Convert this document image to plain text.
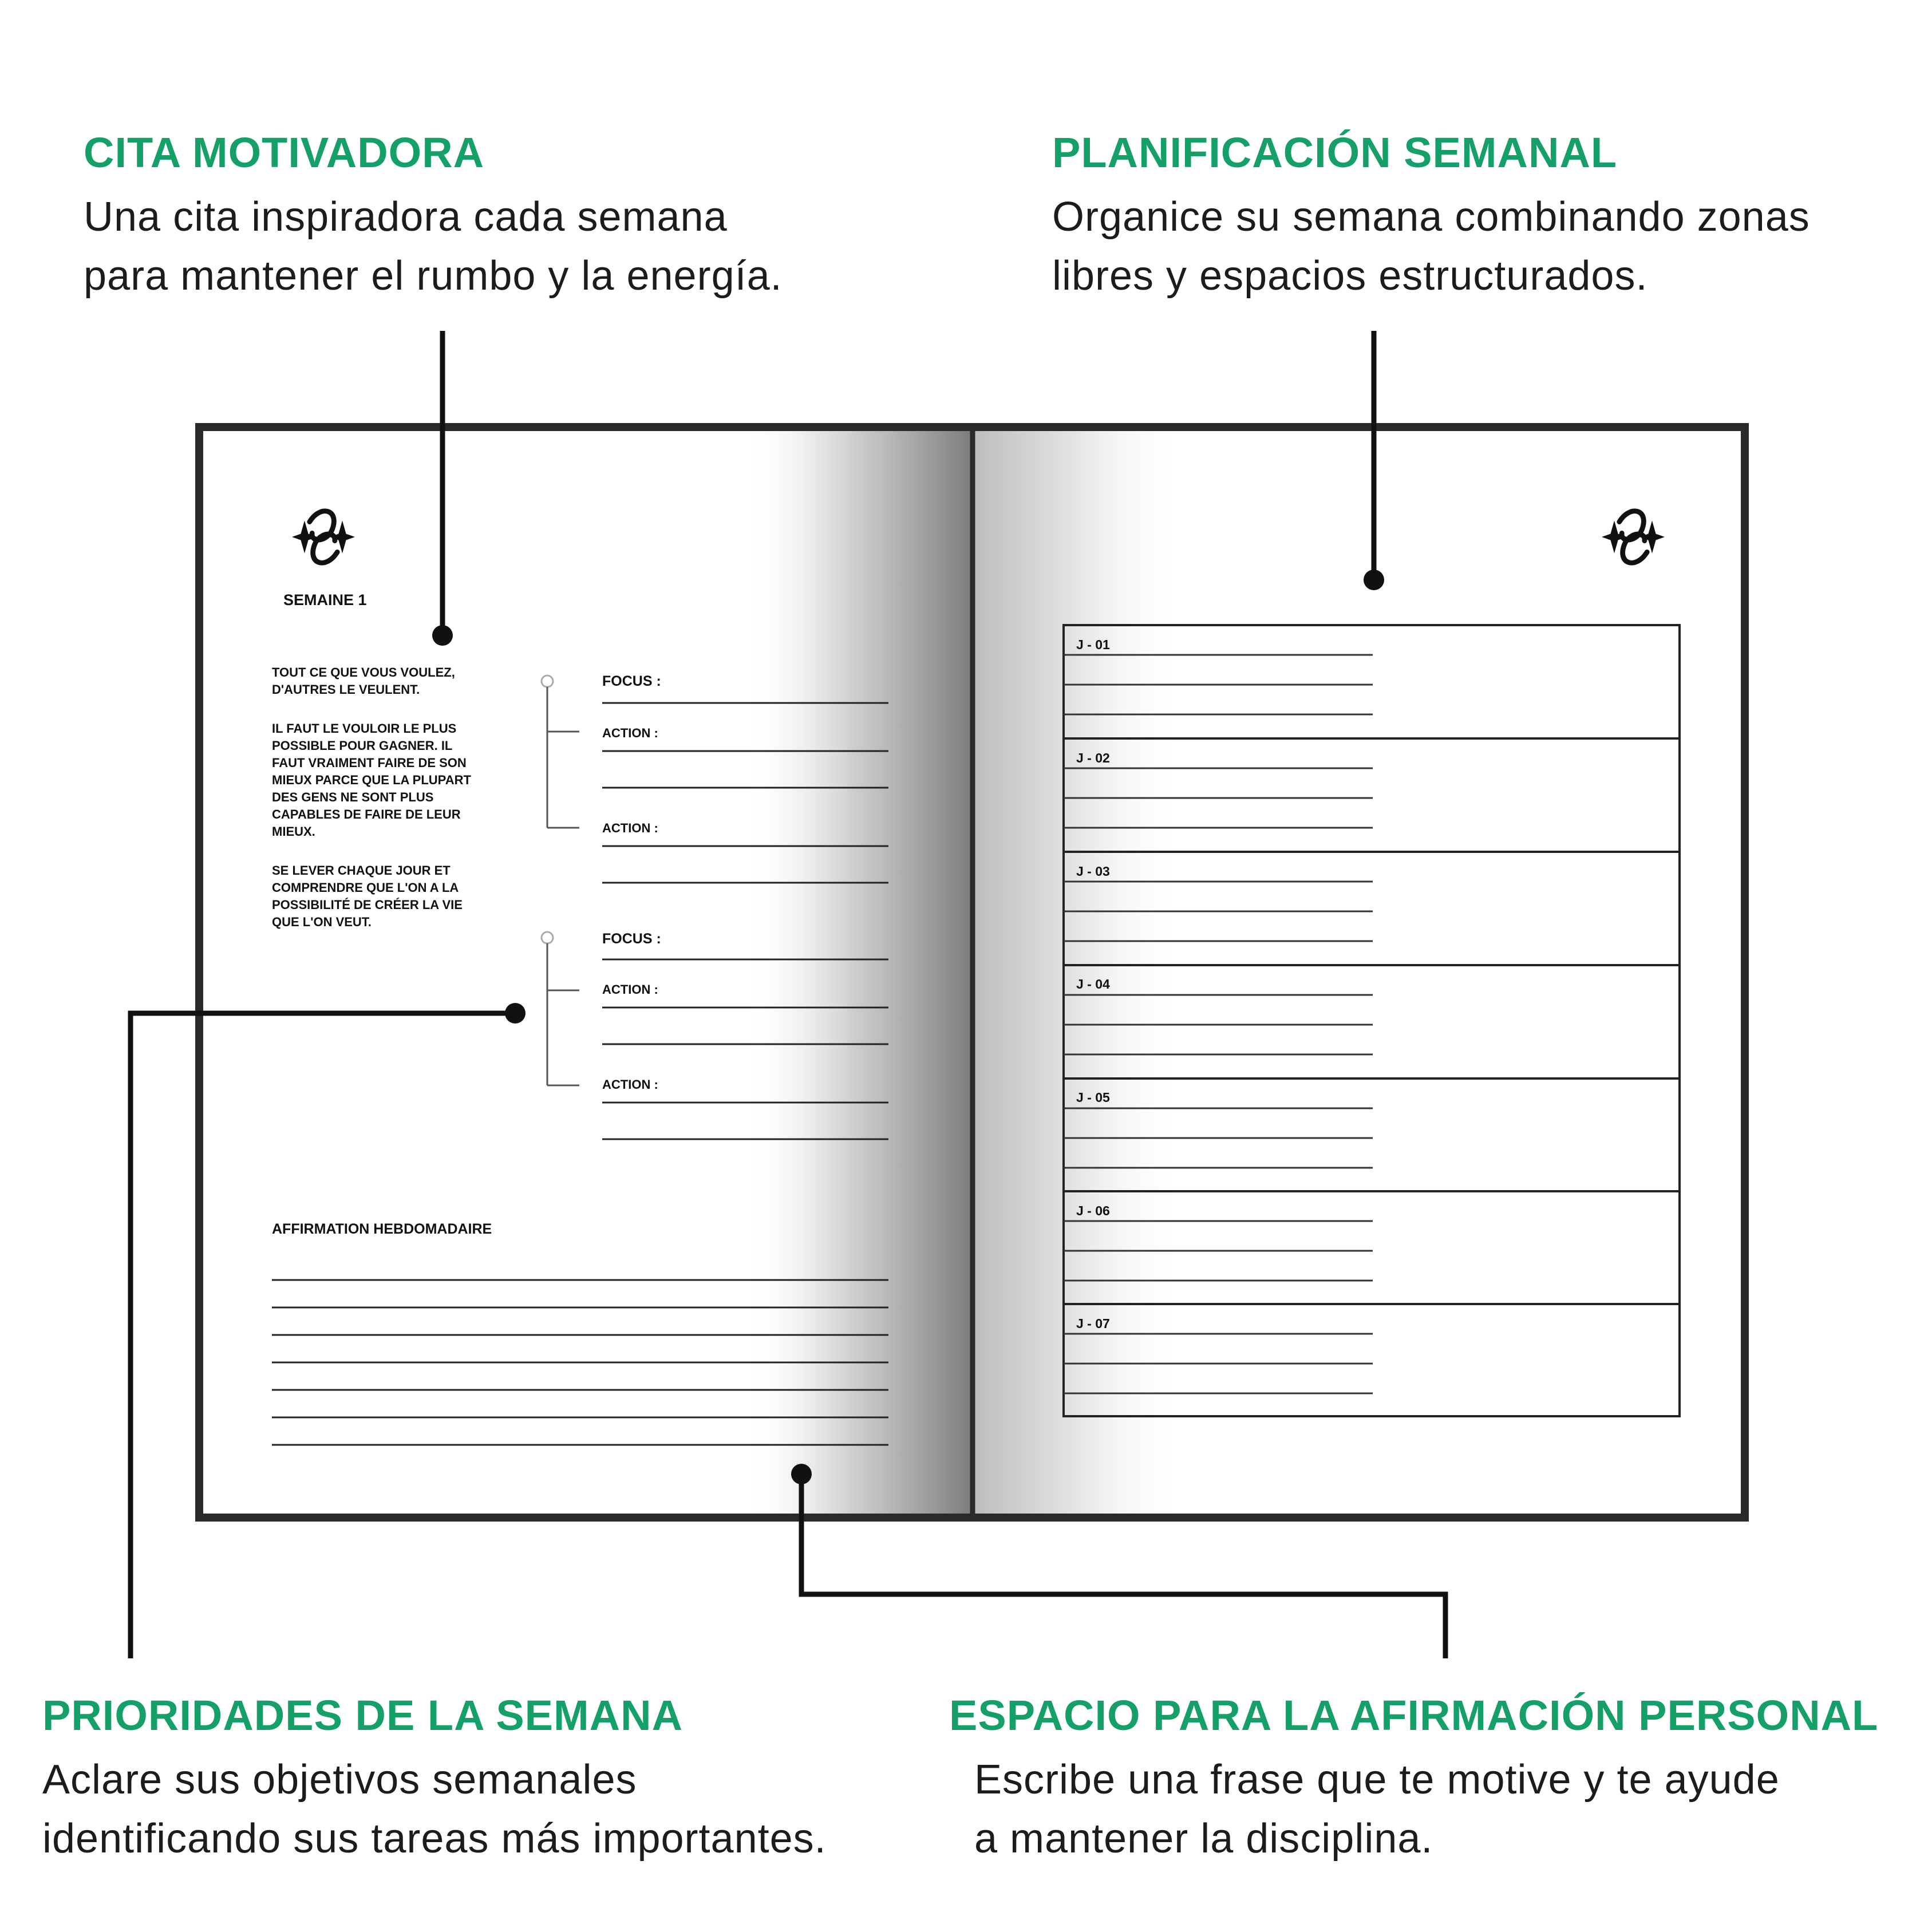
CITA MOTIVADORA
Una cita inspiradora cada semana
para mantener el rumbo y la energía.
PLANIFICACIÓN SEMANAL
Organice su semana combinando zonas
libres y espacios estructurados.
PRIORIDADES DE LA SEMANA
Aclare sus objetivos semanales
identificando sus tareas más importantes.
ESPACIO PARA LA AFIRMACIÓN PERSONAL
Escribe una frase que te motive y te ayude
a mantener la disciplina.
SEMAINE 1
TOUT CE QUE VOUS VOULEZ,
D'AUTRES LE VEULENT.
IL FAUT LE VOULOIR LE PLUS
POSSIBLE POUR GAGNER. IL
FAUT VRAIMENT FAIRE DE SON
MIEUX PARCE QUE LA PLUPART
DES GENS NE SONT PLUS
CAPABLES DE FAIRE DE LEUR
MIEUX.
SE LEVER CHAQUE JOUR ET
COMPRENDRE QUE L'ON A LA
POSSIBILITÉ DE CRÉER LA VIE
QUE L'ON VEUT.
FOCUS :
ACTION :
ACTION :
FOCUS :
ACTION :
ACTION :
AFFIRMATION HEBDOMADAIRE
J - 01
J - 02
J - 03
J - 04
J - 05
J - 06
J - 07
